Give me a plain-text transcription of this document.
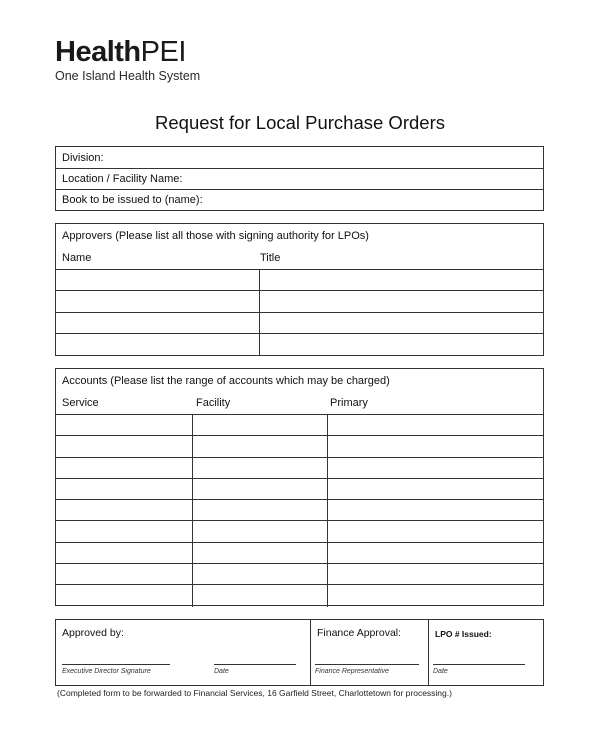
HealthPEI
One Island Health System
Request for Local Purchase Orders
Division:
Location / Facility Name:
Book to be issued to (name):
Approvers (Please list all those with signing authority for LPOs)
Name	Title
Accounts (Please list the range of accounts which may be charged)
Service	Facility	Primary
Approved by:
Executive Director Signature	Date
Finance Approval:
Finance Representative
LPO # Issued:
Date
(Completed form to be forwarded to Financial Services, 16 Garfield Street, Charlottetown for processing.)
